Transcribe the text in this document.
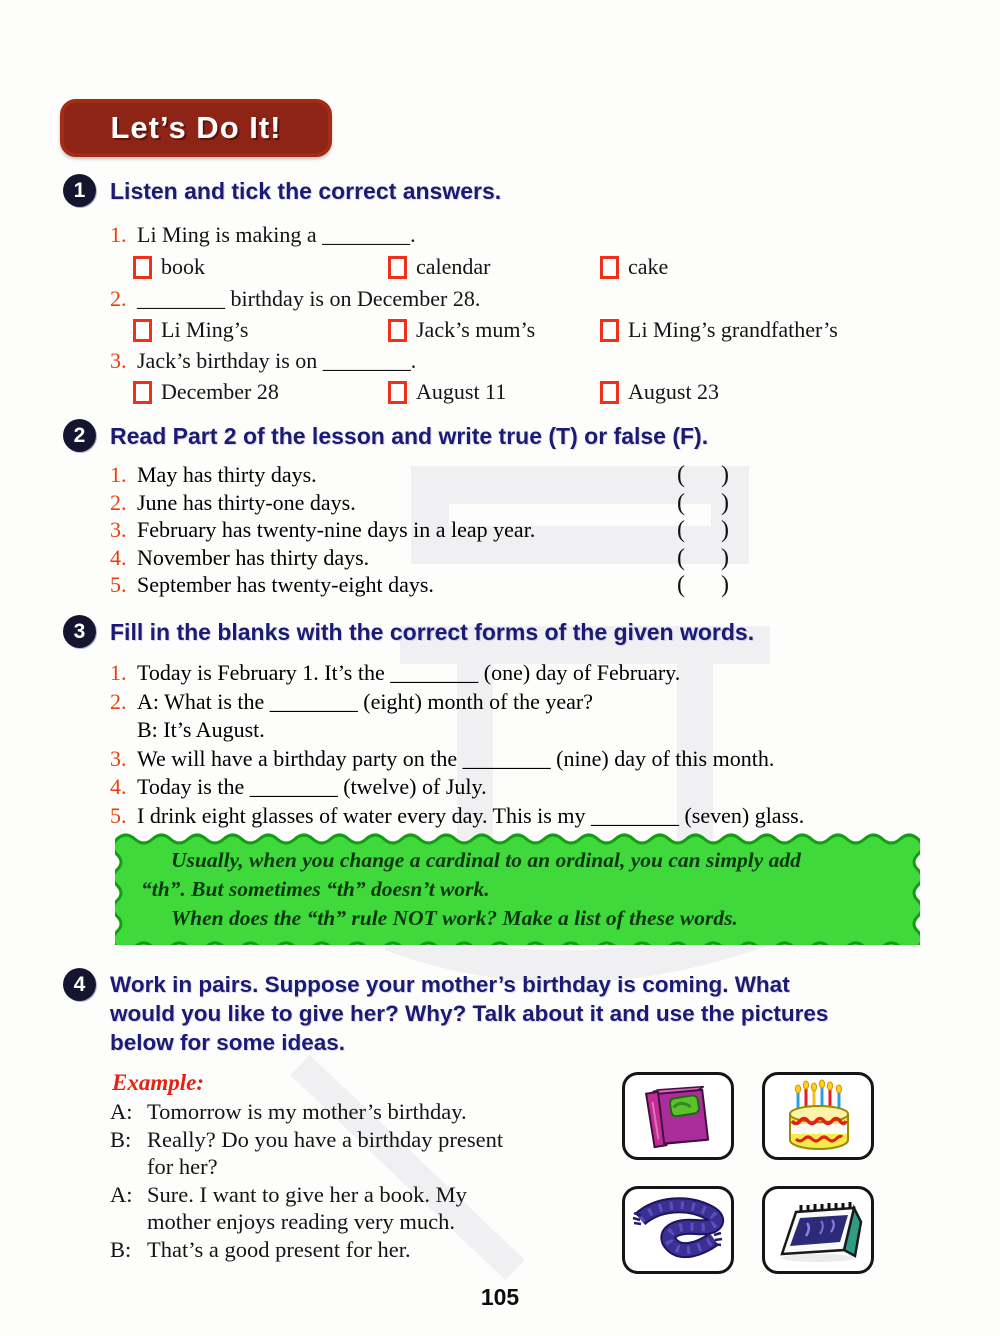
Let’s Do It!
1	Listen and tick the correct answers.
1. Li Ming is making a ________.
book	calendar	cake
2. ________ birthday is on December 28.
Li Ming’s	Jack’s mum’s	Li Ming’s grandfather’s
3. Jack’s birthday is on ________.
December 28	August 11	August 23
2	Read Part 2 of the lesson and write true (T) or false (F).
1. May has thirty days.	(      )
2. June has thirty-one days.	(      )
3. February has twenty-nine days in a leap year.	(      )
4. November has thirty days.	(      )
5. September has twenty-eight days.	(      )
3	Fill in the blanks with the correct forms of the given words.
1. Today is February 1. It’s the ________ (one) day of February.
2. A: What is the ________ (eight) month of the year?
B: It’s August.
3. We will have a birthday party on the ________ (nine) day of this month.
4. Today is the ________ (twelve) of July.
5. I drink eight glasses of water every day. This is my ________ (seven) glass.
Usually, when you change a cardinal to an ordinal, you can simply add
“th”. But sometimes “th” doesn’t work.
When does the “th” rule NOT work? Make a list of these words.
4	Work in pairs. Suppose your mother’s birthday is coming. What
would you like to give her? Why? Talk about it and use the pictures
below for some ideas.
Example:
A: Tomorrow is my mother’s birthday.
B: Really? Do you have a birthday present
for her?
A: Sure. I want to give her a book. My
mother enjoys reading very much.
B: That’s a good present for her.
105
